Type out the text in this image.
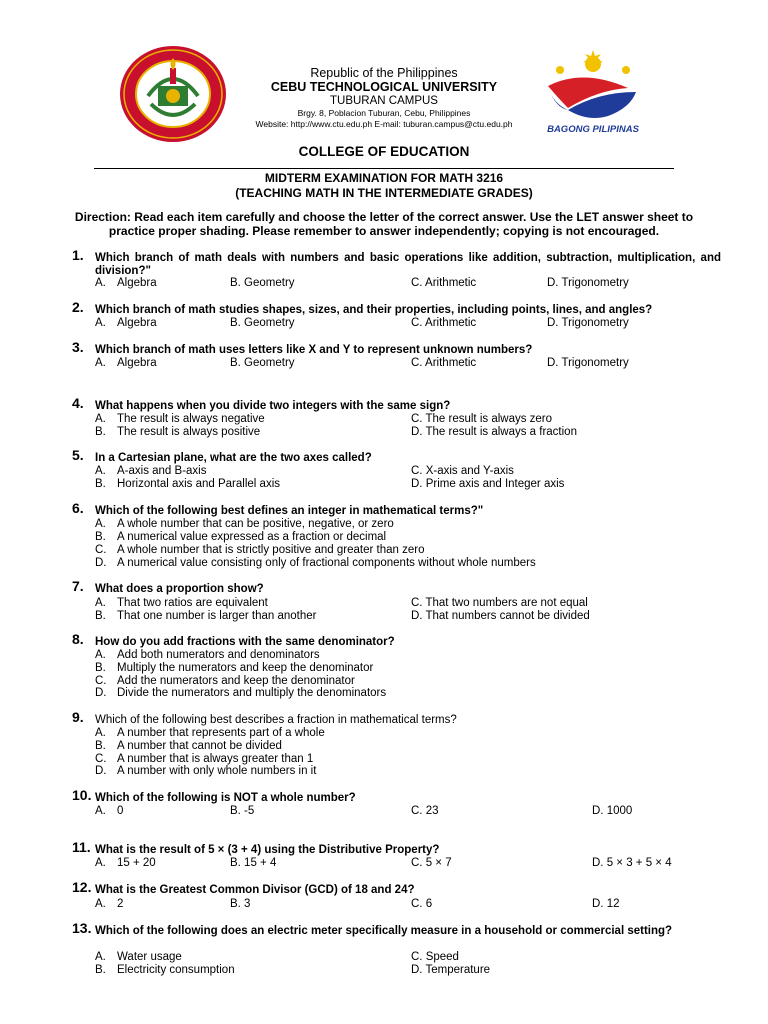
Republic of the Philippines
CEBU TECHNOLOGICAL UNIVERSITY
TUBURAN CAMPUS
Brgy. 8, Poblacion Tuburan, Cebu, Philippines
Website: http://www.ctu.edu.ph E-mail: tuburan.campus@ctu.edu.ph	BAGONG PILIPINAS
COLLEGE OF EDUCATION
MIDTERM EXAMINATION FOR MATH 3216
(TEACHING MATH IN THE INTERMEDIATE GRADES)
Direction: Read each item carefully and choose the letter of the correct answer. Use the LET answer sheet to
practice proper shading. Please remember to answer independently; copying is not encouraged.
1. Which branch of math deals with numbers and basic operations like addition, subtraction, multiplication, and division?"
A. Algebra	B. Geometry	C. Arithmetic	D. Trigonometry
2. Which branch of math studies shapes, sizes, and their properties, including points, lines, and angles?
A. Algebra	B. Geometry	C. Arithmetic	D. Trigonometry
3. Which branch of math uses letters like X and Y to represent unknown numbers?
A. Algebra	B. Geometry	C. Arithmetic	D. Trigonometry
4. What happens when you divide two integers with the same sign?
A. The result is always negative
B. The result is always positive
C. The result is always zero
D. The result is always a fraction
5. In a Cartesian plane, what are the two axes called?
A. A-axis and B-axis
B. Horizontal axis and Parallel axis
C. X-axis and Y-axis
D. Prime axis and Integer axis
6. Which of the following best defines an integer in mathematical terms?"
A. A whole number that can be positive, negative, or zero
B. A numerical value expressed as a fraction or decimal
C. A whole number that is strictly positive and greater than zero
D. A numerical value consisting only of fractional components without whole numbers
7. What does a proportion show?
A. That two ratios are equivalent
B. That one number is larger than another
C. That two numbers are not equal
D. That numbers cannot be divided
8. How do you add fractions with the same denominator?
A. Add both numerators and denominators
B. Multiply the numerators and keep the denominator
C. Add the numerators and keep the denominator
D. Divide the numerators and multiply the denominators
9. Which of the following best describes a fraction in mathematical terms?
A. A number that represents part of a whole
B. A number that cannot be divided
C. A number that is always greater than 1
D. A number with only whole numbers in it
10. Which of the following is NOT a whole number?
A. 0	B. -5	C. 23	D. 1000
11. What is the result of 5 × (3 + 4) using the Distributive Property?
A. 15 + 20	B. 15 + 4	C. 5 × 7	D. 5 × 3 + 5 × 4
12. What is the Greatest Common Divisor (GCD) of 18 and 24?
A. 2	B. 3	C. 6	D. 12
13. Which of the following does an electric meter specifically measure in a household or commercial setting?
A. Water usage
B. Electricity consumption
C. Speed
D. Temperature
